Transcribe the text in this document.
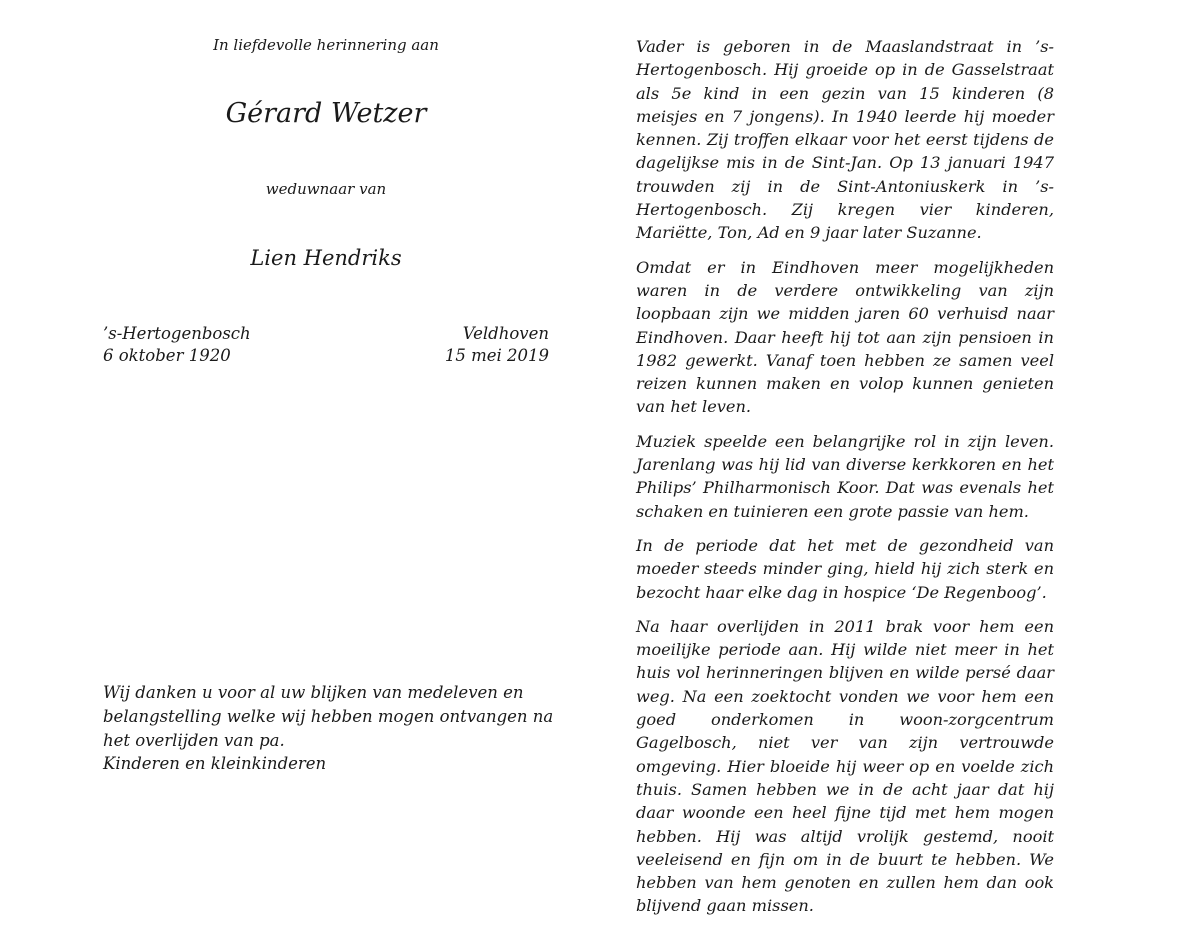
In liefdevolle herinnering aan
Gérard Wetzer
weduwnaar van
Lien Hendriks
’s-Hertogenbosch
6 oktober 1920
Veldhoven
15 mei 2019
Wij danken u voor al uw blijken van medeleven en belangstelling welke wij hebben mogen ontvangen na het overlijden van pa.
Kinderen en kleinkinderen

Vader is geboren in de Maaslandstraat in ’s-Hertogenbosch. Hij groeide op in de Gasselstraat als 5e kind in een gezin van 15 kinderen (8 meisjes en 7 jongens). In 1940 leerde hij moeder kennen. Zij troffen elkaar voor het eerst tijdens de dagelijkse mis in de Sint-Jan. Op 13 januari 1947 trouwden zij in de Sint-Antoniuskerk in ’s-Hertogenbosch. Zij kregen vier kinderen, Mariëtte, Ton, Ad en 9 jaar later Suzanne.

Omdat er in Eindhoven meer mogelijkheden waren in de verdere ontwikkeling van zijn loopbaan zijn we midden jaren 60 verhuisd naar Eindhoven. Daar heeft hij tot aan zijn pensioen in 1982 gewerkt. Vanaf toen hebben ze samen veel reizen kunnen maken en volop kunnen genieten van het leven.

Muziek speelde een belangrijke rol in zijn leven. Jarenlang was hij lid van diverse kerkkoren en het Philips’ Philharmonisch Koor. Dat was evenals het schaken en tuinieren een grote passie van hem.

In de periode dat het met de gezondheid van moeder steeds minder ging, hield hij zich sterk en bezocht haar elke dag in hospice ‘De Regenboog’.

Na haar overlijden in 2011 brak voor hem een moeilijke periode aan. Hij wilde niet meer in het huis vol herinneringen blijven en wilde persé daar weg. Na een zoektocht vonden we voor hem een goed onderkomen in woon-zorgcentrum Gagelbosch, niet ver van zijn vertrouwde omgeving. Hier bloeide hij weer op en voelde zich thuis. Samen hebben we in de acht jaar dat hij daar woonde een heel fijne tijd met hem mogen hebben. Hij was altijd vrolijk gestemd, nooit veeleisend en fijn om in de buurt te hebben. We hebben van hem genoten en zullen hem dan ook blijvend gaan missen.
